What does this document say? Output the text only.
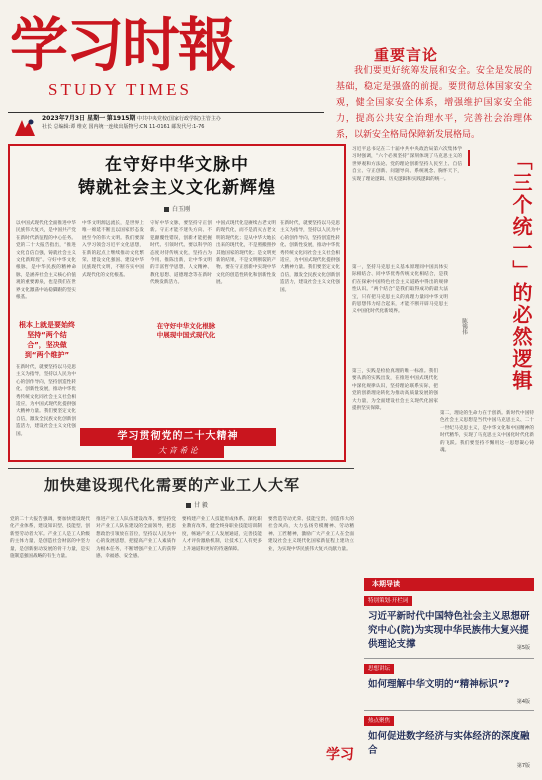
学习时報
STUDY TIMES
2023年7月3日 星期一 第1915期 中共中央党校(国家行政学院)主管主办
社长 总编辑:谭 维克 国内统一连续出版物号:CN 11-0161 邮发代号:1-76
重要言论
我们要更好统筹发展和安全。安全是发展的基础，稳定是强盛的前提。要贯彻总体国家安全观，健全国家安全体系，增强维护国家安全能力，提高公共安全治理水平，完善社会治理体系，以新安全格局保障新发展格局。
在守好中华文脉中
铸就社会主义文化新辉煌
白玉刚
以中国式现代化全面推进中华民族伟大复兴，是中国共产党在新时代新征程的中心任务。党的二十大报告指出，“推进文化自信自强，铸就社会主义文化新辉煌”。守好中华文化根脉，是中华民族的精神命脉，是涵养社会主义核心价值观的重要源泉，也是我们在世界文化激荡中站稳脚跟的坚实根基。
根本上就是要始终坚持“两个结合”，坚决做到“两个维护”
在新时代，就要坚持以马克思主义为指导，坚持以人民为中心的创作导向，坚持创造性转化、创新性发展，推动中华优秀传统文化同社会主义社会相适应，为中国式现代化提供强大精神力量。我们要坚定文化自信，激发全民族文化创新创造活力，建设社会主义文化强国。
中华文明源远流长，是世界上唯一绵延不断且以国家形态发展至今的伟大文明。我们要深入学习领会习近平文化思想，在新的起点上继续推动文化繁荣、建设文化强国、建设中华民族现代文明，不断夯实中国式现代化的文化根基。
守好中华文脉，要坚持守正创新。守正才能不迷失方向、不犯颠覆性错误，创新才能把握时代、引领时代。要以科学的态度对待传统文化，坚持古为今用、推陈出新，让中华文明的丰富哲学思想、人文精神、教化思想、道德理念等在新时代焕发新活力。
在守好中华文化根脉中展现中国式现代化
中国式现代化是赓续古老文明的现代化，而不是消灭古老文明的现代化；是从中华大地长出来的现代化，不是照搬照抄其他国家的现代化；是文明更新的结果，不是文明断裂的产物。要在守正创新中实现中华文化的创造性转化和创新性发展。
在新时代，就要坚持以马克思主义为指导，坚持以人民为中心的创作导向，坚持创造性转化、创新性发展，推动中华优秀传统文化同社会主义社会相适应，为中国式现代化提供强大精神力量。我们要坚定文化自信，激发全民族文化创新创造活力，建设社会主义文化强国。
学习贯彻党的二十大精神
大 音 希 论
习近平总书记在二十届中共中央政治局第六次集体学习时强调，“六个必须坚持”深刻体现了马克思主义的世界观和方法论。党的理论创新坚持人民至上、自信自立、守正创新、问题导向、系统观念、胸怀天下，实现了理论逻辑、历史逻辑和实践逻辑的统一。
第一，坚持马克思主义基本原理同中国具体实际相结合、同中华优秀传统文化相结合，是我们在探索中国特色社会主义道路中得出的规律性认识。“两个结合”是我们取得成功的最大法宝，只有把马克思主义的真理力量同中华文明的思想伟力结合起来，才能不断开辟马克思主义中国化时代化新境界。	「三个统一」的必然逻辑
陈锡伟
第二，理论的生命力在于创新。新时代中国特色社会主义思想是当代中国马克思主义、二十一世纪马克思主义，是中华文化和中国精神的时代精华，实现了马克思主义中国化时代化新的飞跃。我们要坚持不懈用这一思想凝心铸魂。
第三，实践是检验真理的唯一标准。我们要从新的实践出发，在推进中国式现代化中深化规律认识，坚持理论联系实际，把党的创新理论转化为推动高质量发展的强大力量，为全面建设社会主义现代化国家提供坚实保障。
加快建设现代化需要的产业工人大军
甘 毅
党的二十大报告强调，要加快建设现代化产业体系，建设知识型、技能型、创新型劳动者大军。产业工人是工人阶级的主体力量，是创造社会财富的中坚力量，是创新驱动发展的骨干力量，是实施制造强国战略的有生力量。
推进产业工人队伍建设改革，要坚持党对产业工人队伍建设的全面领导，把思想政治引领放在首位，坚持以人民为中心的发展思想，把提高产业工人素质作为根本任务，不断增强产业工人的获得感、幸福感、安全感。
要构建产业工人技能形成体系，深化职业教育改革，健全终身职业技能培训制度，畅通产业工人发展通道，完善技能人才评价激励机制，让技术工人有更多上升通道和更好的待遇保障。
要营造劳动光荣、技能宝贵、创造伟大的社会风尚，大力弘扬劳模精神、劳动精神、工匠精神，激励广大产业工人在全面建设社会主义现代化国家新征程上建功立业，为实现中华民族伟大复兴贡献力量。
本期导读
特别策划·开栏词
习近平新时代中国特色社会主义思想研究中心(院)为实现中华民族伟大复兴提供理论支撑	第5版
思想讲坛
如何理解中华文明的“精神标识”?
第4版
热点聚焦
如何促进数字经济与实体经济的深度融合
第7版
学习
